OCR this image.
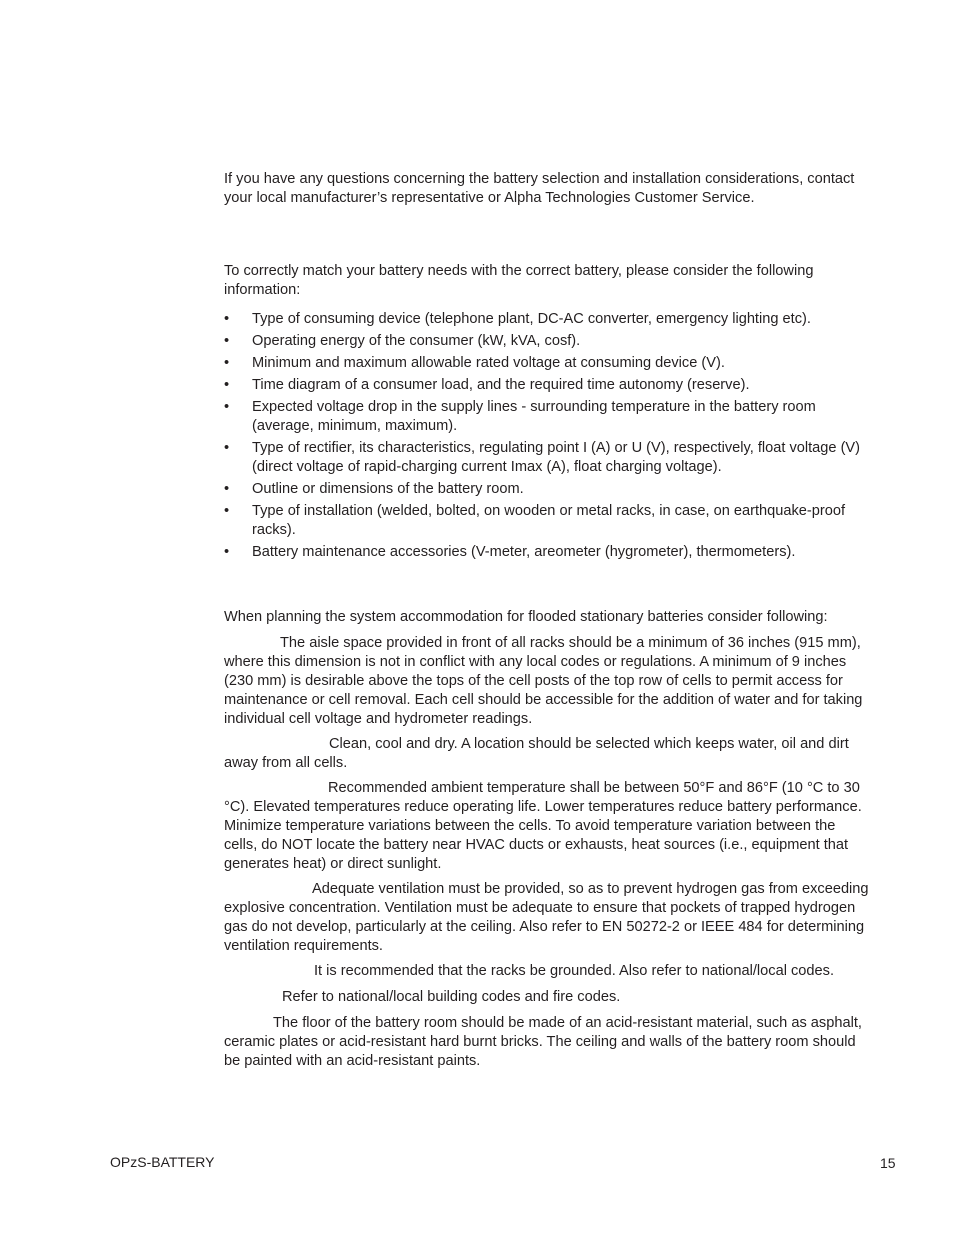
If you have any questions concerning the battery selection and installation considerations, contact your local manufacturer’s representative or Alpha Technologies Customer Service.

To correctly match your battery needs with the correct battery, please consider the following information:

• Type of consuming device (telephone plant, DC-AC converter, emergency lighting etc).
• Operating energy of the consumer (kW, kVA, cosf).
• Minimum and maximum allowable rated voltage at consuming device (V).
• Time diagram of a consumer load, and the required time autonomy (reserve).
• Expected voltage drop in the supply lines - surrounding temperature in the battery room (average, minimum, maximum).
• Type of rectifier, its characteristics, regulating point I (A) or U (V), respectively, float voltage (V) (direct voltage of rapid-charging current Imax (A), float charging voltage).
• Outline or dimensions of the battery room.
• Type of installation (welded, bolted, on wooden or metal racks, in case, on earthquake-proof racks).
• Battery maintenance accessories (V-meter, areometer (hygrometer), thermometers).

When planning the system accommodation for flooded stationary batteries consider following:

The aisle space provided in front of all racks should be a minimum of 36 inches (915 mm), where this dimension is not in conflict with any local codes or regulations. A minimum of 9 inches (230 mm) is desirable above the tops of the cell posts of the top row of cells to permit access for maintenance or cell removal. Each cell should be accessible for the addition of water and for taking individual cell voltage and hydrometer readings.

Clean, cool and dry. A location should be selected which keeps water, oil and dirt away from all cells.

Recommended ambient temperature shall be between 50°F and 86°F (10 °C to 30 °C). Elevated temperatures reduce operating life. Lower temperatures reduce battery performance. Minimize temperature variations between the cells. To avoid temperature variation between the cells, do NOT locate the battery near HVAC ducts or exhausts, heat sources (i.e., equipment that generates heat) or direct sunlight.

Adequate ventilation must be provided, so as to prevent hydrogen gas from exceeding explosive concentration. Ventilation must be adequate to ensure that pockets of trapped hydrogen gas do not develop, particularly at the ceiling. Also refer to EN 50272-2 or IEEE 484 for determining ventilation requirements.

It is recommended that the racks be grounded. Also refer to national/local codes.

Refer to national/local building codes and fire codes.

The floor of the battery room should be made of an acid-resistant material, such as asphalt, ceramic plates or acid-resistant hard burnt bricks. The ceiling and walls of the battery room should be painted with an acid-resistant paints.

OPzS-BATTERY	15
